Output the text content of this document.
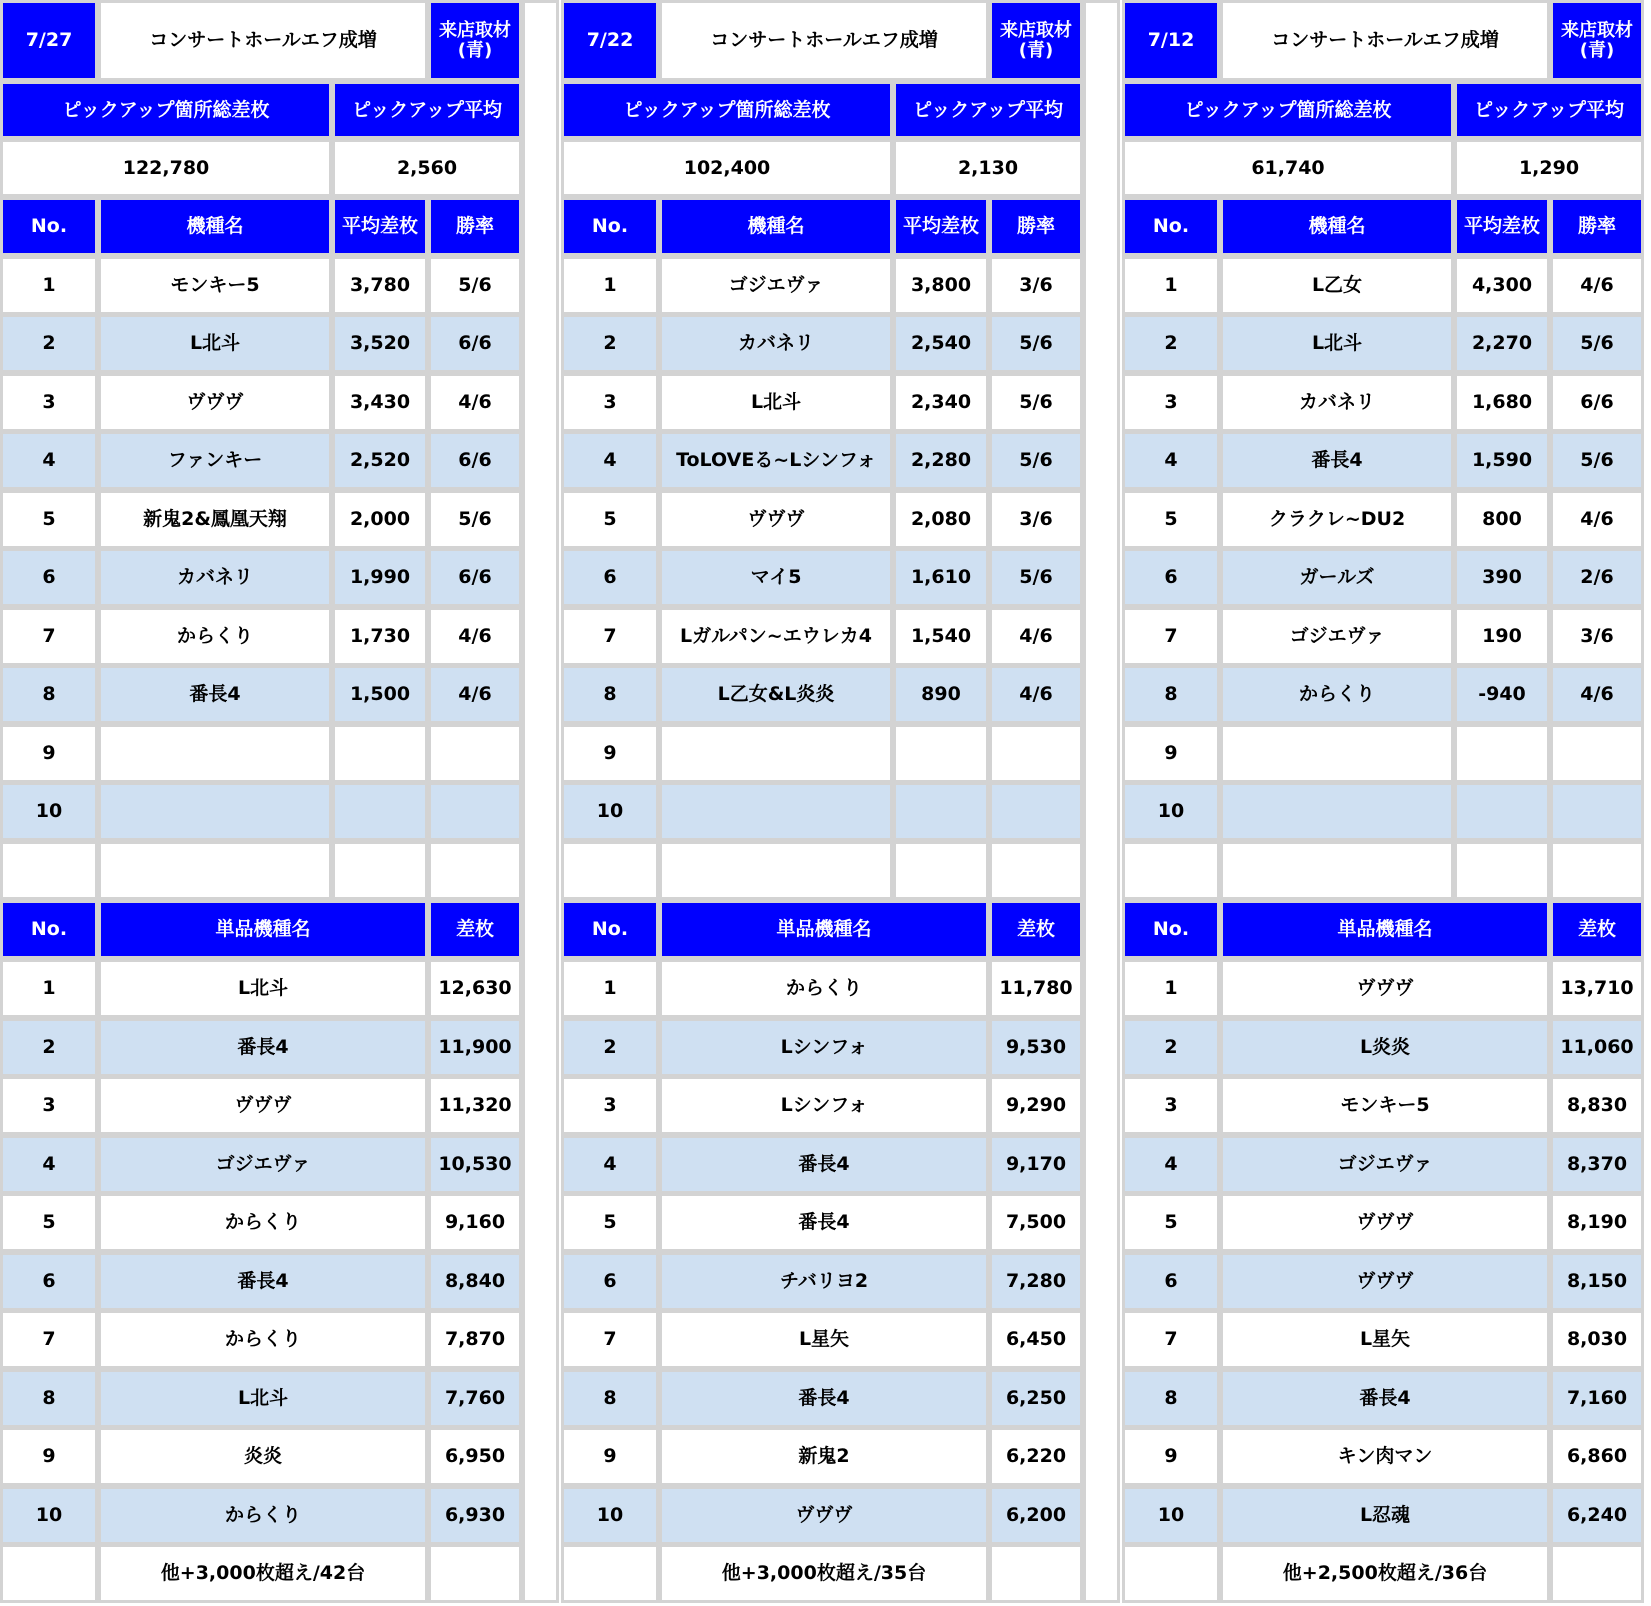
7/27	コンサートホールエフ成増	来店取材
(青)
ピックアップ箇所総差枚	ピックアップ平均
122,780	2,560
No.	機種名	平均差枚	勝率
1	モンキー5	3,780	5/6
2	L北斗	3,520	6/6
3	ヴヴヴ	3,430	4/6
4	ファンキー	2,520	6/6
5	新鬼2&鳳凰天翔	2,000	5/6
6	カバネリ	1,990	6/6
7	からくり	1,730	4/6
8	番長4	1,500	4/6
9
10
No.	単品機種名	差枚
1	L北斗	12,630
2	番長4	11,900
3	ヴヴヴ	11,320
4	ゴジエヴァ	10,530
5	からくり	9,160
6	番長4	8,840
7	からくり	7,870
8	L北斗	7,760
9	炎炎	6,950
10	からくり	6,930
他+3,000枚超え/42台
7/22	コンサートホールエフ成増	来店取材
(青)
ピックアップ箇所総差枚	ピックアップ平均
102,400	2,130
No.	機種名	平均差枚	勝率
1	ゴジエヴァ	3,800	3/6
2	カバネリ	2,540	5/6
3	L北斗	2,340	5/6
4	ToLOVEる~Lシンフォ	2,280	5/6
5	ヴヴヴ	2,080	3/6
6	マイ5	1,610	5/6
7	Lガルパン~エウレカ4	1,540	4/6
8	L乙女&L炎炎	890	4/6
9
10
No.	単品機種名	差枚
1	からくり	11,780
2	Lシンフォ	9,530
3	Lシンフォ	9,290
4	番長4	9,170
5	番長4	7,500
6	チバリヨ2	7,280
7	L星矢	6,450
8	番長4	6,250
9	新鬼2	6,220
10	ヴヴヴ	6,200
他+3,000枚超え/35台
7/12	コンサートホールエフ成増	来店取材
(青)
ピックアップ箇所総差枚	ピックアップ平均
61,740	1,290
No.	機種名	平均差枚	勝率
1	L乙女	4,300	4/6
2	L北斗	2,270	5/6
3	カバネリ	1,680	6/6
4	番長4	1,590	5/6
5	クラクレ~DU2	800	4/6
6	ガールズ	390	2/6
7	ゴジエヴァ	190	3/6
8	からくり	-940	4/6
9
10
No.	単品機種名	差枚
1	ヴヴヴ	13,710
2	L炎炎	11,060
3	モンキー5	8,830
4	ゴジエヴァ	8,370
5	ヴヴヴ	8,190
6	ヴヴヴ	8,150
7	L星矢	8,030
8	番長4	7,160
9	キン肉マン	6,860
10	L忍魂	6,240
他+2,500枚超え/36台
